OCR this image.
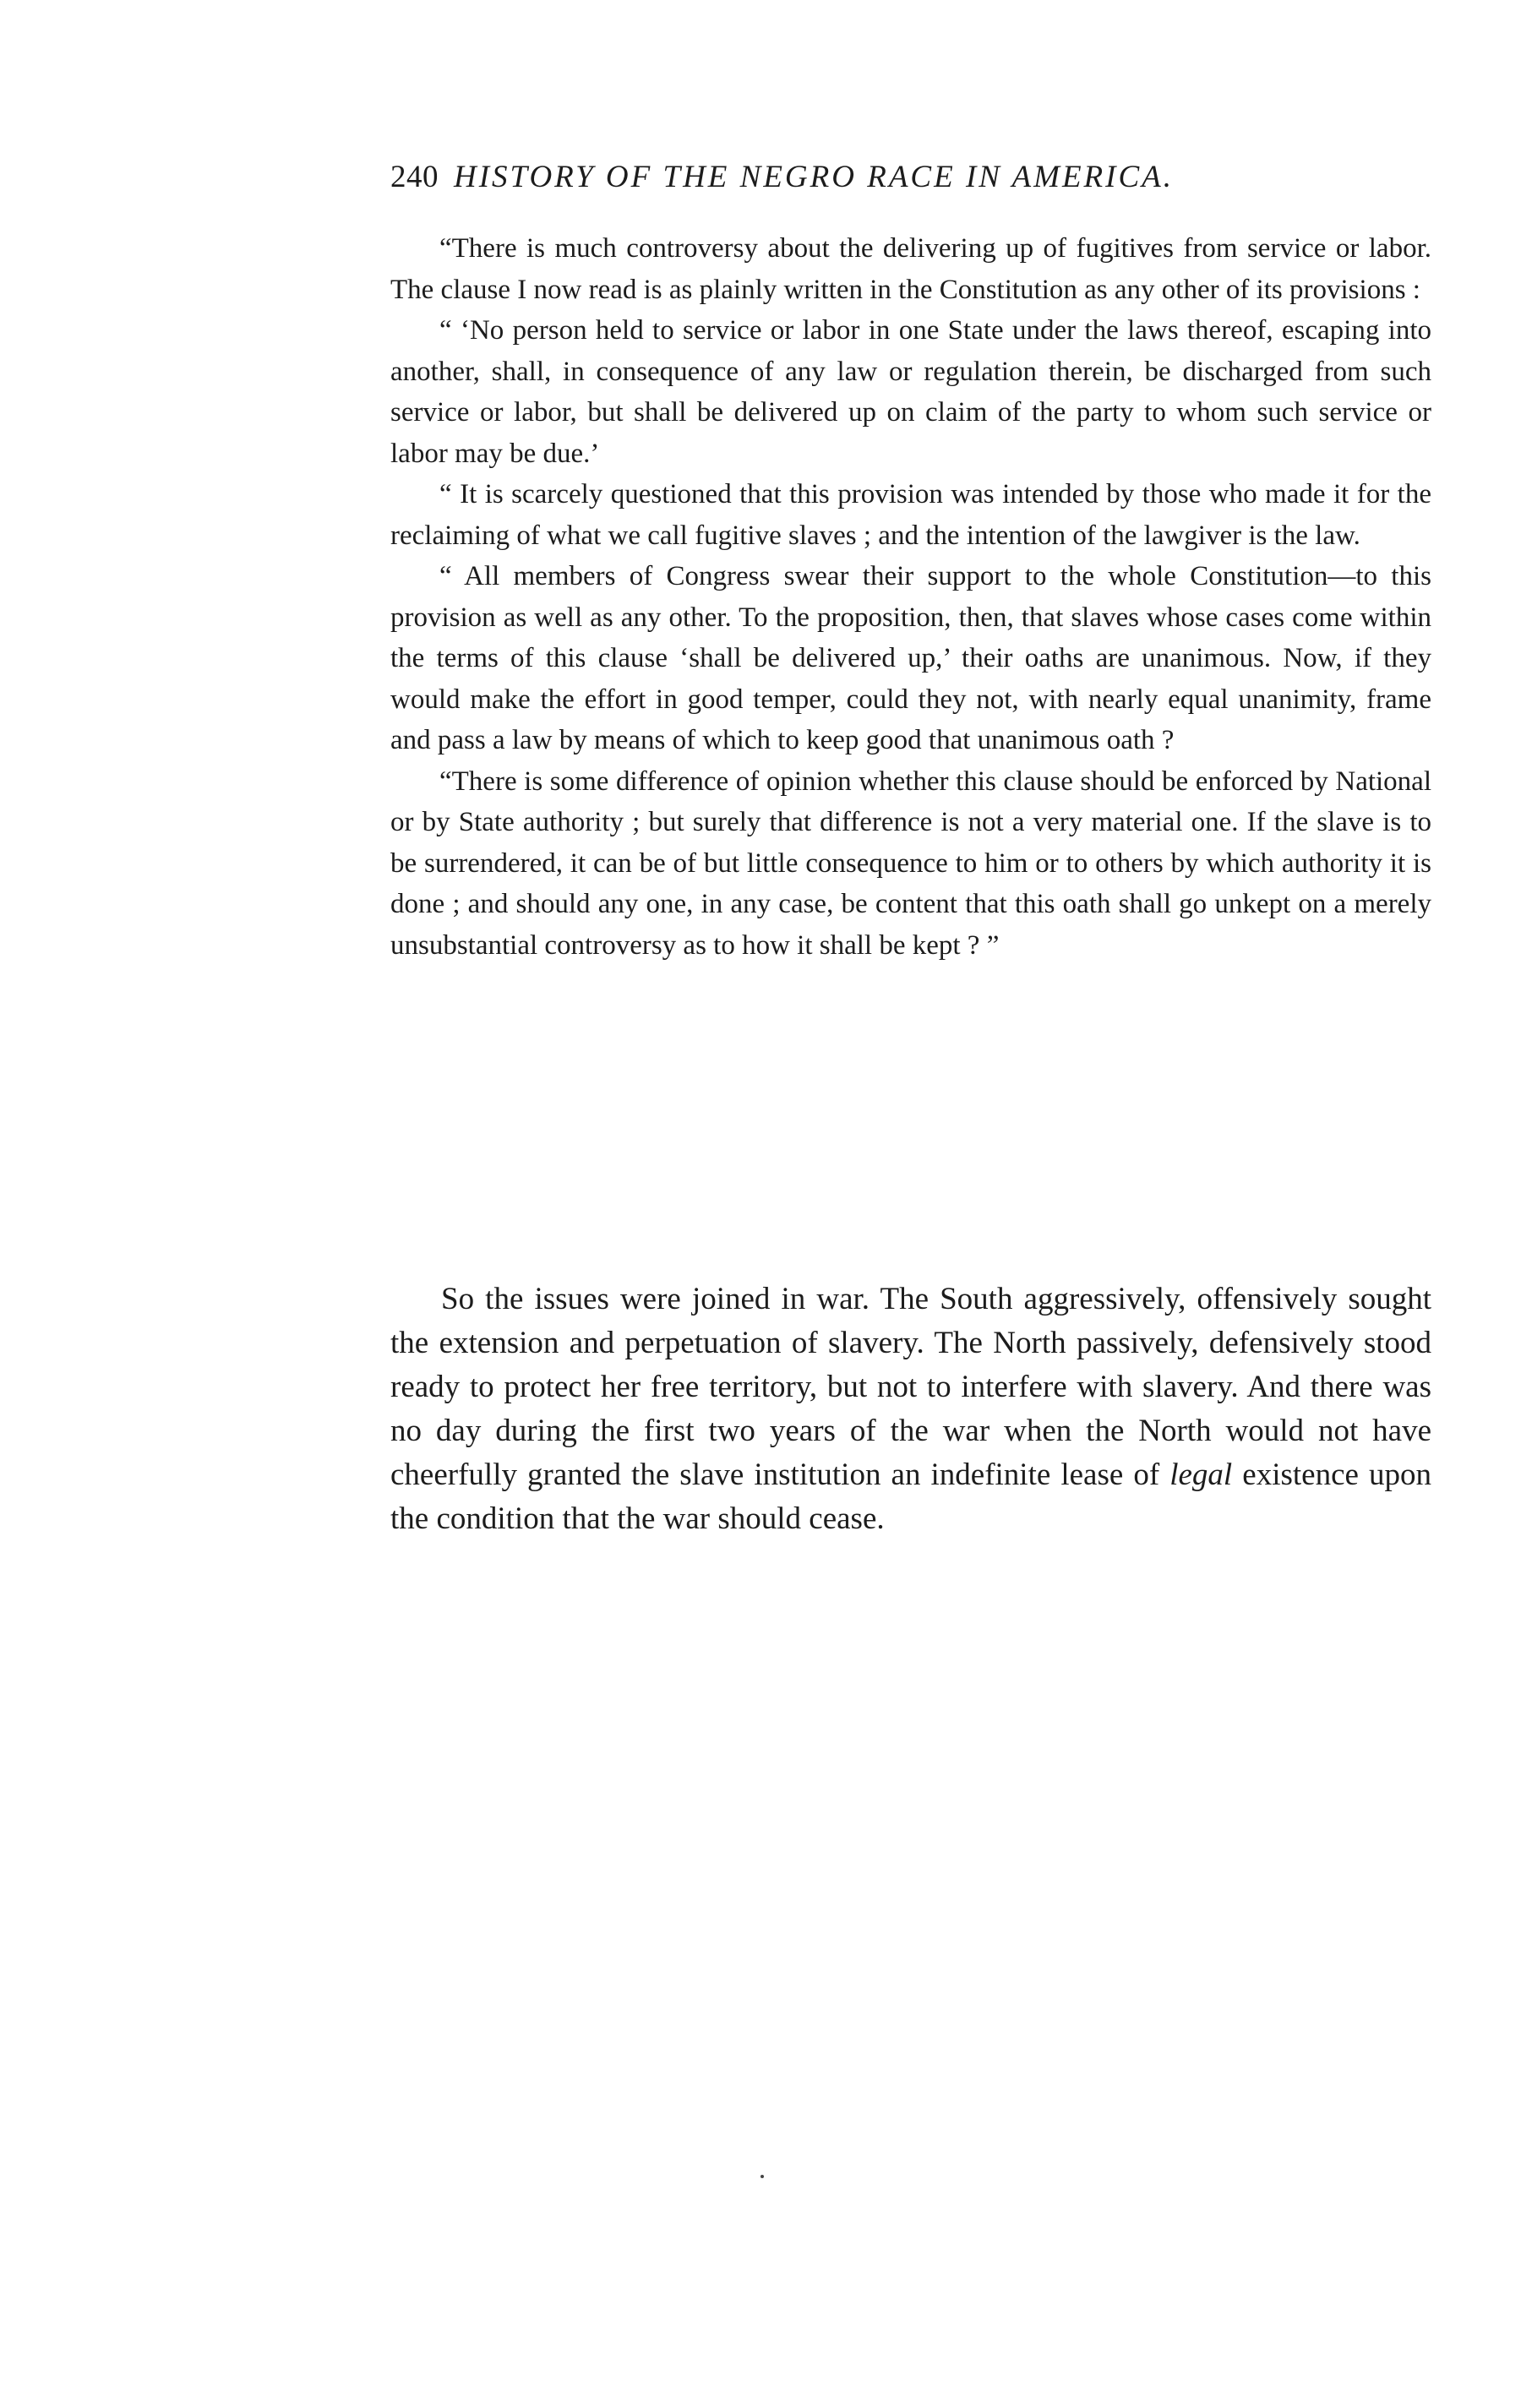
240 HISTORY OF THE NEGRO RACE IN AMERICA.

“There is much controversy about the delivering up of fugitives from service or labor. The clause I now read is as plainly written in the Constitution as any other of its provisions :

“ ‘No person held to service or labor in one State under the laws thereof, escaping into another, shall, in consequence of any law or regulation therein, be discharged from such service or labor, but shall be delivered up on claim of the party to whom such service or labor may be due.’

“ It is scarcely questioned that this provision was intended by those who made it for the reclaiming of what we call fugitive slaves ; and the intention of the lawgiver is the law.

“ All members of Congress swear their support to the whole Constitution—to this provision as well as any other. To the proposition, then, that slaves whose cases come within the terms of this clause ‘shall be delivered up,’ their oaths are unanimous. Now, if they would make the effort in good temper, could they not, with nearly equal unanimity, frame and pass a law by means of which to keep good that unanimous oath ?

“There is some difference of opinion whether this clause should be enforced by National or by State authority ; but surely that difference is not a very material one. If the slave is to be surrendered, it can be of but little consequence to him or to others by which authority it is done ; and should any one, in any case, be content that this oath shall go unkept on a merely unsubstantial controversy as to how it shall be kept ? ”

So the issues were joined in war. The South aggressively, offensively sought the extension and perpetuation of slavery. The North passively, defensively stood ready to protect her free territory, but not to interfere with slavery. And there was no day during the first two years of the war when the North would not have cheerfully granted the slave institution an indefinite lease of legal existence upon the condition that the war should cease.
